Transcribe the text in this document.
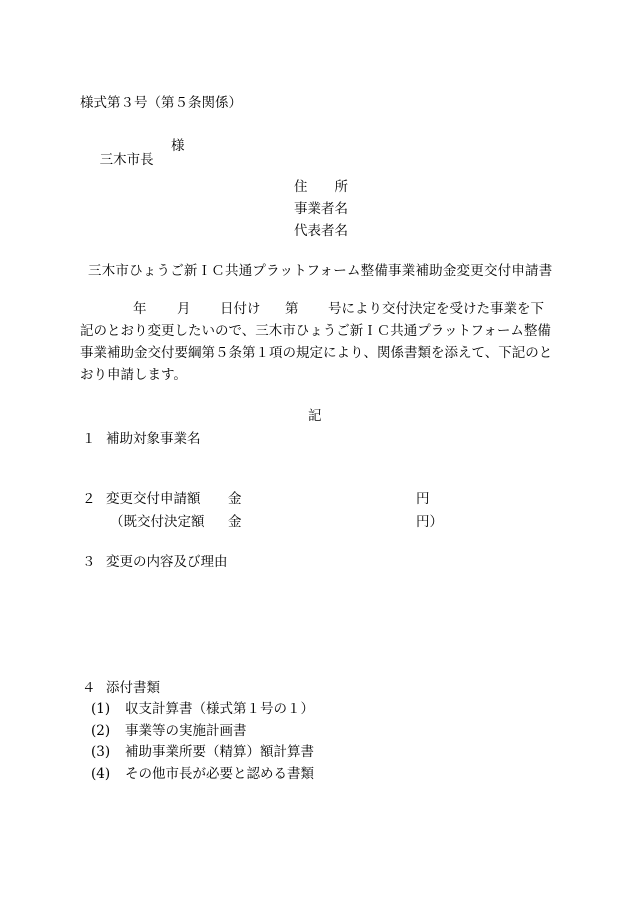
様式第３号（第５条関係）

三木市長

様

住　　所
事業者名
代表者名
三木市ひょうご新ＩＣ共通プラットフォーム整備事業補助金変更交付申請書

年

月

日付け

第

号により交付決定を受けた事業を下

記のとおり変更したいので、三木市ひょうご新ＩＣ共通プラットフォーム整備
事業補助金交付要綱第５条第１項の規定により、関係書類を添えて、下記のと
おり申請します。
記
１ 補助対象事業名
２ 変更交付申請額 金	円
（既交付決定額 金	円）
３ 変更の内容及び理由
４ 添付書類

(1)

収支計算書（様式第１号の１）

(2)

事業等の実施計画書

(3)

補助事業所要（精算）額計算書

(4)

その他市長が必要と認める書類
